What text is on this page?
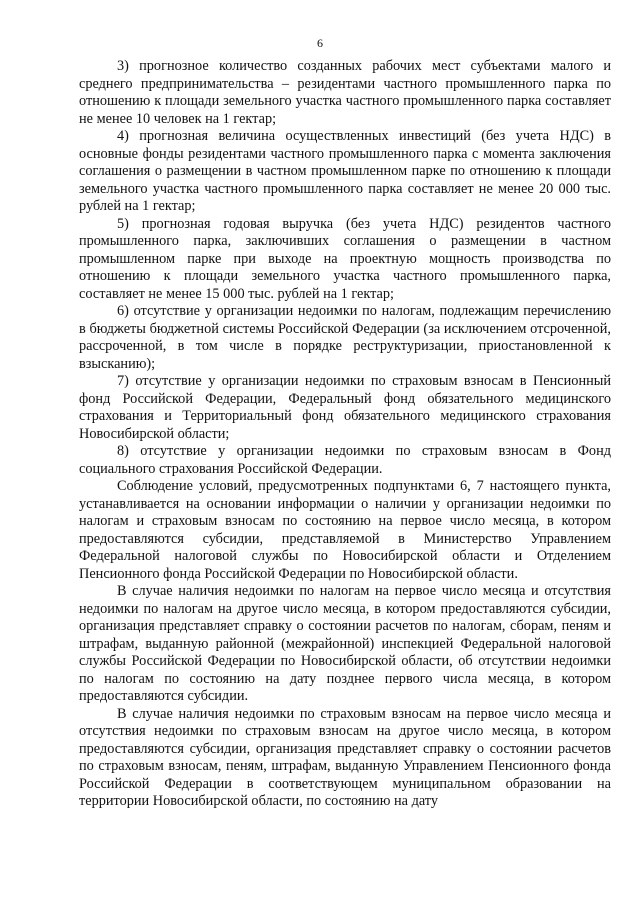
6

3) прогнозное количество созданных рабочих мест субъектами малого и среднего предпринимательства – резидентами частного промышленного парка по отношению к площади земельного участка частного промышленного парка составляет не менее 10 человек на 1 гектар;

4) прогнозная величина осуществленных инвестиций (без учета НДС) в основные фонды резидентами частного промышленного парка с момента заключения соглашения о размещении в частном промышленном парке по отношению к площади земельного участка частного промышленного парка составляет не менее 20 000 тыс. рублей на 1 гектар;

5) прогнозная годовая выручка (без учета НДС) резидентов частного промышленного парка, заключивших соглашения о размещении в частном промышленном парке при выходе на проектную мощность производства по отношению к площади земельного участка частного промышленного парка, составляет не менее 15 000 тыс. рублей на 1 гектар;

6) отсутствие у организации недоимки по налогам, подлежащим перечислению в бюджеты бюджетной системы Российской Федерации (за исключением отсроченной, рассроченной, в том числе в порядке реструктуризации, приостановленной к взысканию);

7) отсутствие у организации недоимки по страховым взносам в Пенсионный фонд Российской Федерации, Федеральный фонд обязательного медицинского страхования и Территориальный фонд обязательного медицинского страхования Новосибирской области;

8) отсутствие у организации недоимки по страховым взносам в Фонд социального страхования Российской Федерации.

Соблюдение условий, предусмотренных подпунктами 6, 7 настоящего пункта, устанавливается на основании информации о наличии у организации недоимки по налогам и страховым взносам по состоянию на первое число месяца, в котором предоставляются субсидии, представляемой в Министерство Управлением Федеральной налоговой службы по Новосибирской области и Отделением Пенсионного фонда Российской Федерации по Новосибирской области.

В случае наличия недоимки по налогам на первое число месяца и отсутствия недоимки по налогам на другое число месяца, в котором предоставляются субсидии, организация представляет справку о состоянии расчетов по налогам, сборам, пеням и штрафам, выданную районной (межрайонной) инспекцией Федеральной налоговой службы Российской Федерации по Новосибирской области, об отсутствии недоимки по налогам по состоянию на дату позднее первого числа месяца, в котором предоставляются субсидии.

В случае наличия недоимки по страховым взносам на первое число месяца и отсутствия недоимки по страховым взносам на другое число месяца, в котором предоставляются субсидии, организация представляет справку о состоянии расчетов по страховым взносам, пеням, штрафам, выданную Управлением Пенсионного фонда Российской Федерации в соответствующем муниципальном образовании на территории Новосибирской области, по состоянию на дату
